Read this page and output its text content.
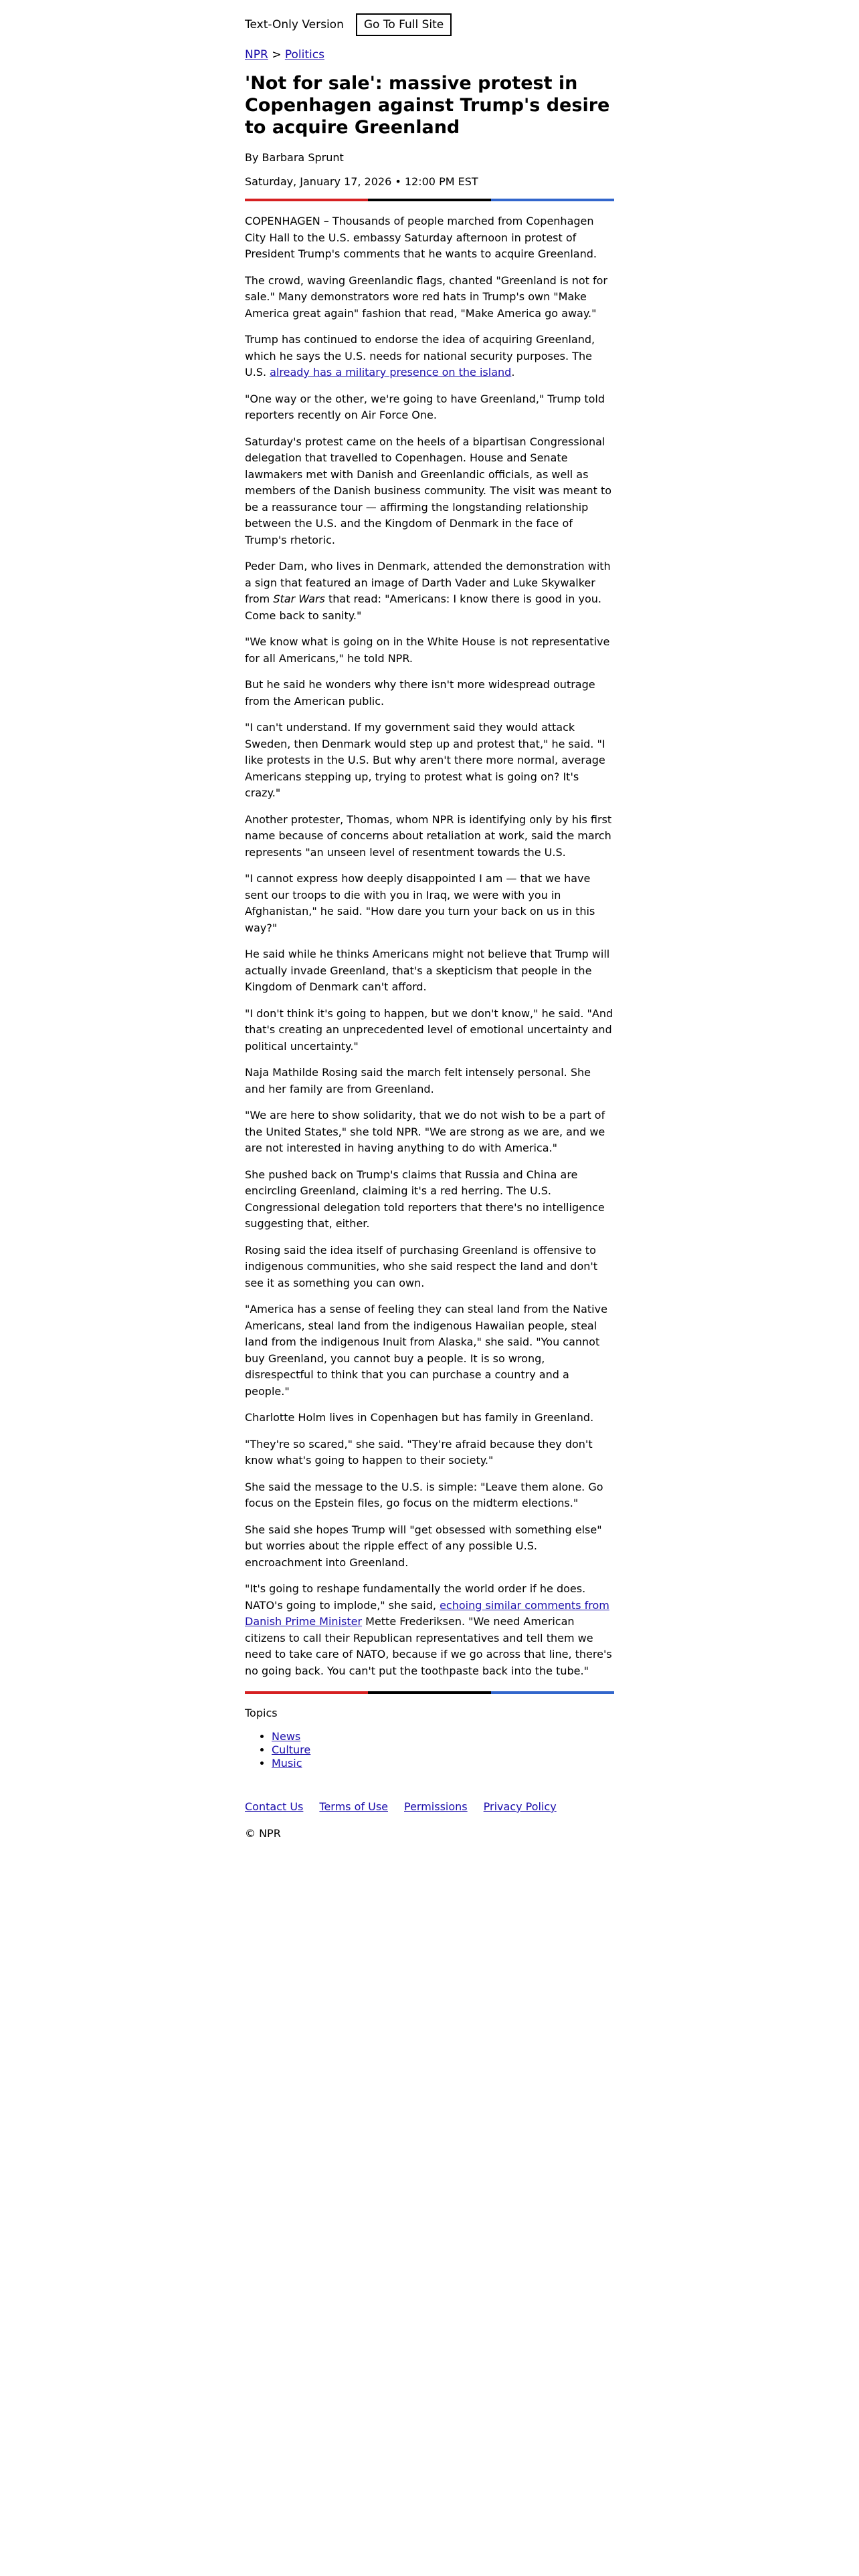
Text-Only Version	Go To Full Site
NPR > Politics
'Not for sale': massive protest in Copenhagen against Trump's desire to acquire Greenland
By Barbara Sprunt
Saturday, January 17, 2026 • 12:00 PM EST

COPENHAGEN – Thousands of people marched from Copenhagen City Hall to the U.S. embassy Saturday afternoon in protest of President Trump's comments that he wants to acquire Greenland.

The crowd, waving Greenlandic flags, chanted "Greenland is not for sale." Many demonstrators wore red hats in Trump's own "Make America great again" fashion that read, "Make America go away."

Trump has continued to endorse the idea of acquiring Greenland, which he says the U.S. needs for national security purposes. The U.S. already has a military presence on the island.

"One way or the other, we're going to have Greenland," Trump told reporters recently on Air Force One.

Saturday's protest came on the heels of a bipartisan Congressional delegation that travelled to Copenhagen. House and Senate lawmakers met with Danish and Greenlandic officials, as well as members of the Danish business community. The visit was meant to be a reassurance tour — affirming the longstanding relationship between the U.S. and the Kingdom of Denmark in the face of Trump's rhetoric.

Peder Dam, who lives in Denmark, attended the demonstration with a sign that featured an image of Darth Vader and Luke Skywalker from Star Wars that read: "Americans: I know there is good in you. Come back to sanity."

"We know what is going on in the White House is not representative for all Americans," he told NPR.

But he said he wonders why there isn't more widespread outrage from the American public.

"I can't understand. If my government said they would attack Sweden, then Denmark would step up and protest that," he said. "I like protests in the U.S. But why aren't there more normal, average Americans stepping up, trying to protest what is going on? It's crazy."

Another protester, Thomas, whom NPR is identifying only by his first name because of concerns about retaliation at work, said the march represents "an unseen level of resentment towards the U.S.

"I cannot express how deeply disappointed I am — that we have sent our troops to die with you in Iraq, we were with you in Afghanistan," he said. "How dare you turn your back on us in this way?"

He said while he thinks Americans might not believe that Trump will actually invade Greenland, that's a skepticism that people in the Kingdom of Denmark can't afford.

"I don't think it's going to happen, but we don't know," he said. "And that's creating an unprecedented level of emotional uncertainty and political uncertainty."

Naja Mathilde Rosing said the march felt intensely personal. She and her family are from Greenland.

"We are here to show solidarity, that we do not wish to be a part of the United States," she told NPR. "We are strong as we are, and we are not interested in having anything to do with America."

She pushed back on Trump's claims that Russia and China are encircling Greenland, claiming it's a red herring. The U.S. Congressional delegation told reporters that there's no intelligence suggesting that, either.

Rosing said the idea itself of purchasing Greenland is offensive to indigenous communities, who she said respect the land and don't see it as something you can own.

"America has a sense of feeling they can steal land from the Native Americans, steal land from the indigenous Hawaiian people, steal land from the indigenous Inuit from Alaska," she said. "You cannot buy Greenland, you cannot buy a people. It is so wrong, disrespectful to think that you can purchase a country and a people."

Charlotte Holm lives in Copenhagen but has family in Greenland.

"They're so scared," she said. "They're afraid because they don't know what's going to happen to their society."

She said the message to the U.S. is simple: "Leave them alone. Go focus on the Epstein files, go focus on the midterm elections."

She said she hopes Trump will "get obsessed with something else" but worries about the ripple effect of any possible U.S. encroachment into Greenland.

"It's going to reshape fundamentally the world order if he does. NATO's going to implode," she said, echoing similar comments from Danish Prime Minister Mette Frederiksen. "We need American citizens to call their Republican representatives and tell them we need to take care of NATO, because if we go across that line, there's no going back. You can't put the toothpaste back into the tube."

Topics
• News
• Culture
• Music
Contact Us Terms of Use Permissions Privacy Policy
© NPR
